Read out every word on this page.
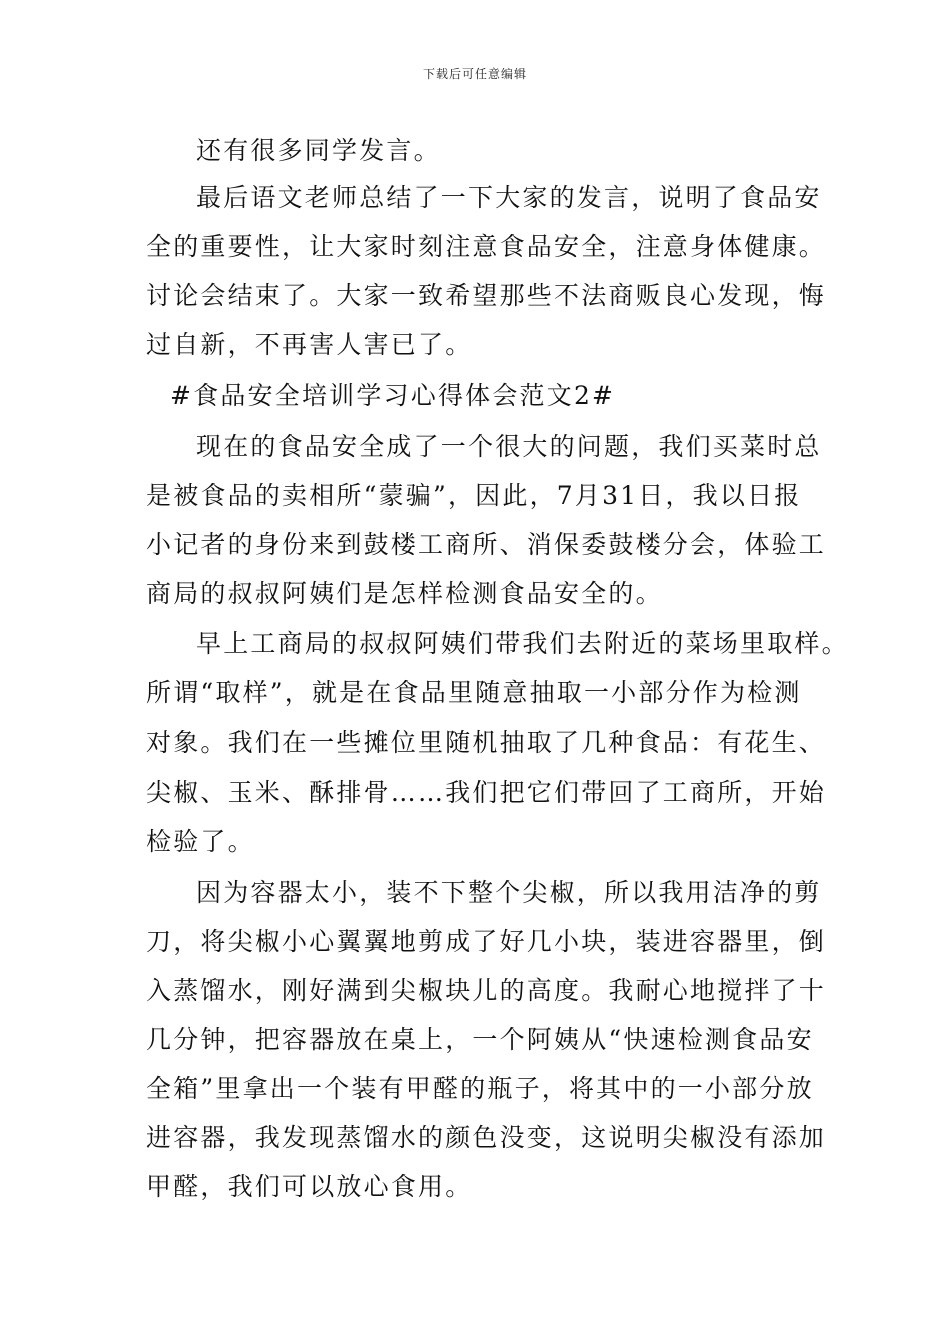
下载后可任意编辑
还有很多同学发言。
最后语文老师总结了一下大家的发言，说明了食品安
全的重要性，让大家时刻注意食品安全，注意身体健康。
讨论会结束了。大家一致希望那些不法商贩良心发现，悔
过自新，不再害人害已了。
#食品安全培训学习心得体会范文2#
现在的食品安全成了一个很大的问题，我们买菜时总
是被食品的卖相所“蒙骗”，因此，7月31日，我以日报
小记者的身份来到鼓楼工商所、消保委鼓楼分会，体验工
商局的叔叔阿姨们是怎样检测食品安全的。
早上工商局的叔叔阿姨们带我们去附近的菜场里取样。
所谓“取样”，就是在食品里随意抽取一小部分作为检测
对象。我们在一些摊位里随机抽取了几种食品：有花生、
尖椒、玉米、酥排骨……我们把它们带回了工商所，开始
检验了。
因为容器太小，装不下整个尖椒，所以我用洁净的剪
刀，将尖椒小心翼翼地剪成了好几小块，装进容器里，倒
入蒸馏水，刚好满到尖椒块儿的高度。我耐心地搅拌了十
几分钟，把容器放在桌上，一个阿姨从“快速检测食品安
全箱”里拿出一个装有甲醛的瓶子，将其中的一小部分放
进容器，我发现蒸馏水的颜色没变，这说明尖椒没有添加
甲醛，我们可以放心食用。
